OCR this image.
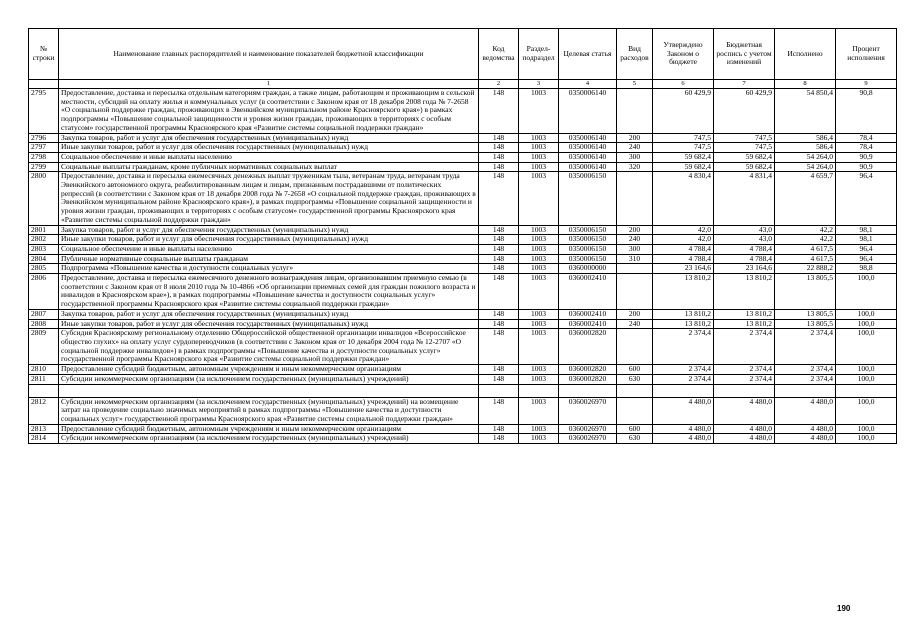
№ строки	Наименование главных распорядителей и наименование показателей бюджетной классификации	Код ведомства	Раздел-подраздел	Целевая статья	Вид расходов	Утверждено Законом о бюджете	Бюджетная роспись с учетом изменений	Исполнено	Процент исполнения
	1	2	3	4	5	6	7	8	9
2795	Предоставление, доставка и пересылка отдельным категориям граждан, а также лицам, работающим и проживающим в сельской местности, субсидий на оплату жилья и коммунальных услуг (в соответствии с Законом края от 18 декабря 2008 года № 7-2658 «О социальной поддержке граждан, проживающих в Эвенкийском муниципальном районе Красноярского края») в рамках подпрограммы «Повышение социальной защищенности и уровня жизни граждан, проживающих в территориях с особым статусом» государственной программы Красноярского края «Развитие системы социальной поддержки граждан»	148	1003	0350006140		60 429,9	60 429,9	54 850,4	90,8
2796	Закупка товаров, работ и услуг для обеспечения государственных (муниципальных) нужд	148	1003	0350006140	200	747,5	747,5	586,4	78,4
2797	Иные закупки товаров, работ и услуг для обеспечения государственных (муниципальных) нужд	148	1003	0350006140	240	747,5	747,5	586,4	78,4
2798	Социальное обеспечение и иные выплаты населению	148	1003	0350006140	300	59 682,4	59 682,4	54 264,0	90,9
2799	Социальные выплаты гражданам, кроме публичных нормативных социальных выплат	148	1003	0350006140	320	59 682,4	59 682,4	54 264,0	90,9
2800	Предоставление, доставка и пересылка ежемесячных денежных выплат труженикам тыла, ветеранам труда, ветеранам труда Эвенкийского автономного округа, реабилитированным лицам и лицам, признанным пострадавшими от политических репрессий (в соответствии с Законом края от 18 декабря 2008 года № 7-2658 «О социальной поддержке граждан, проживающих в Эвенкийском муниципальном районе Красноярского края»), в рамках подпрограммы «Повышение социальной защищенности и уровня жизни граждан, проживающих в территориях с особым статусом» государственной программы Красноярского края «Развитие системы социальной поддержки граждан»	148	1003	0350006150		4 830,4	4 831,4	4 659,7	96,4
2801	Закупка товаров, работ и услуг для обеспечения государственных (муниципальных) нужд	148	1003	0350006150	200	42,0	43,0	42,2	98,1
2802	Иные закупки товаров, работ и услуг для обеспечения государственных (муниципальных) нужд	148	1003	0350006150	240	42,0	43,0	42,2	98,1
2803	Социальное обеспечение и иные выплаты населению	148	1003	0350006150	300	4 788,4	4 788,4	4 617,5	96,4
2804	Публичные нормативные социальные выплаты гражданам	148	1003	0350006150	310	4 788,4	4 788,4	4 617,5	96,4
2805	Подпрограмма «Повышение качества и доступности социальных услуг»	148	1003	0360000000		23 164,6	23 164,6	22 888,2	98,8
2806	Предоставление, доставка и пересылка ежемесячного денежного вознаграждения лицам, организовавшим приемную семью (в соответствии с Законом края от 8 июля 2010 года № 10-4866 «Об организации приемных семей для граждан пожилого возраста и инвалидов в Красноярском крае»), в рамках подпрограммы «Повышение качества и доступности социальных услуг» государственной программы Красноярского края «Развитие системы социальной поддержки граждан»	148	1003	0360002410		13 810,2	13 810,2	13 805,5	100,0
2807	Закупка товаров, работ и услуг для обеспечения государственных (муниципальных) нужд	148	1003	0360002410	200	13 810,2	13 810,2	13 805,5	100,0
2808	Иные закупки товаров, работ и услуг для обеспечения государственных (муниципальных) нужд	148	1003	0360002410	240	13 810,2	13 810,2	13 805,5	100,0
2809	Субсидия Красноярскому региональному отделению Общероссийской общественной организации инвалидов «Всероссийское общество глухих» на оплату услуг сурдопереводчиков (в соответствии с Законом края от 10 декабря 2004 года № 12-2707 «О социальной поддержке инвалидов») в рамках подпрограммы «Повышение качества и доступности социальных услуг» государственной программы Красноярского края «Развитие системы социальной поддержки граждан»	148	1003	0360002820		2 374,4	2 374,4	2 374,4	100,0
2810	Предоставление субсидий бюджетным, автономным учреждениям и иным некоммерческим организациям	148	1003	0360002820	600	2 374,4	2 374,4	2 374,4	100,0
2811	Субсидии некоммерческим организациям (за исключением государственных (муниципальных) учреждений)	148	1003	0360002820	630	2 374,4	2 374,4	2 374,4	100,0

2812	Субсидии некоммерческим организациям (за исключением государственных (муниципальных) учреждений) на возмещение затрат на проведение социально значимых мероприятий в рамках подпрограммы «Повышение качества и доступности социальных услуг» государственной программы Красноярского края «Развитие системы социальной поддержки граждан»	148	1003	0360026970		4 480,0	4 480,0	4 480,0	100,0
2813	Предоставление субсидий бюджетным, автономным учреждениям и иным некоммерческим организациям	148	1003	0360026970	600	4 480,0	4 480,0	4 480,0	100,0
2814	Субсидии некоммерческим организациям (за исключением государственных (муниципальных) учреждений)	148	1003	0360026970	630	4 480,0	4 480,0	4 480,0	100,0
190
